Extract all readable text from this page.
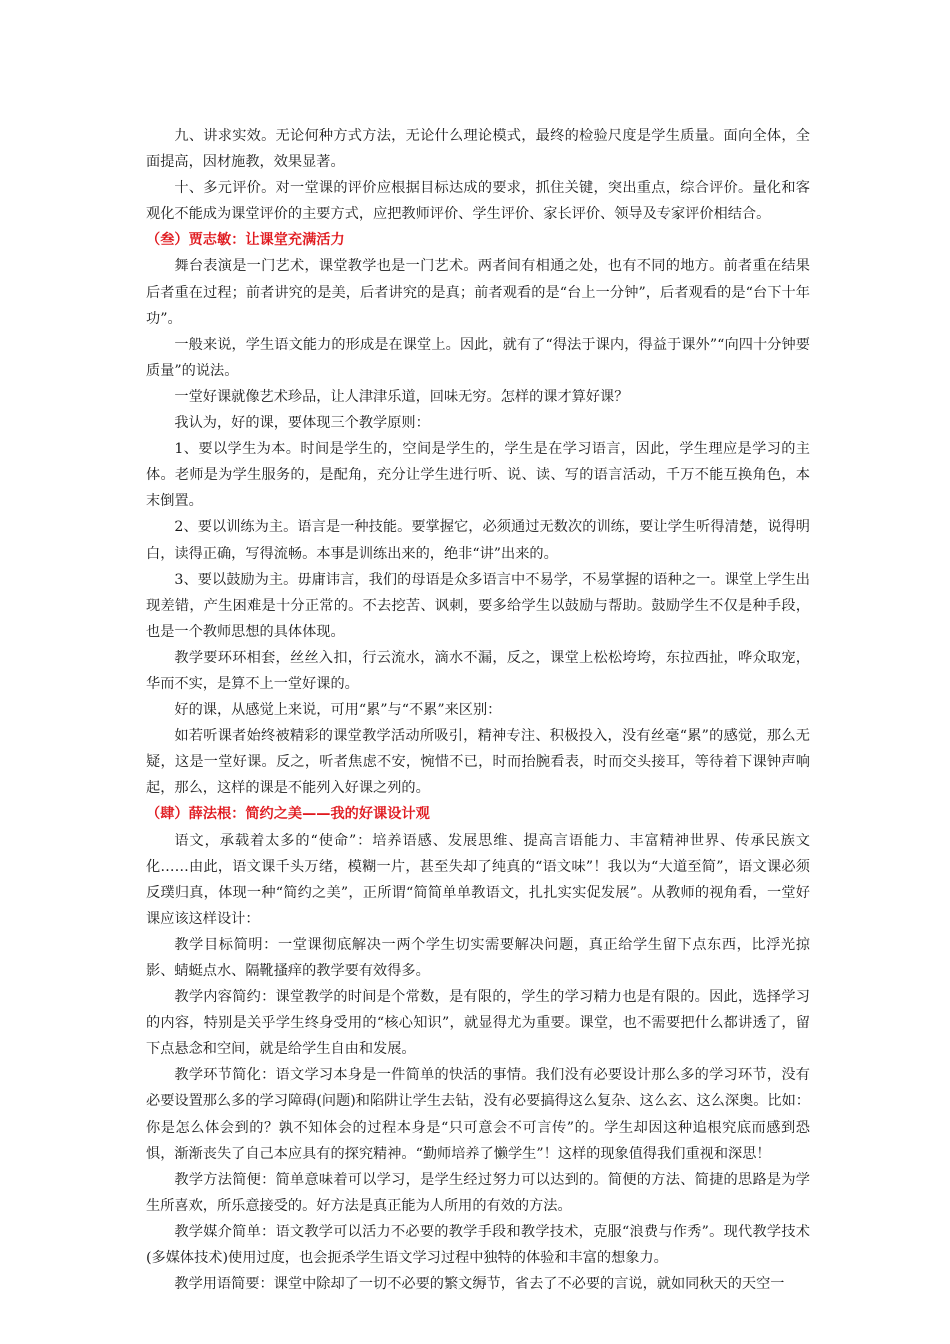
九、讲求实效。无论何种方式方法，无论什么理论模式，最终的检验尺度是学生质量。面向全体，全面提高，因材施教，效果显著。

十、多元评价。对一堂课的评价应根据目标达成的要求，抓住关键，突出重点，综合评价。量化和客观化不能成为课堂评价的主要方式，应把教师评价、学生评价、家长评价、领导及专家评价相结合。

（叁）贾志敏：让课堂充满活力

舞台表演是一门艺术，课堂教学也是一门艺术。两者间有相通之处，也有不同的地方。前者重在结果后者重在过程；前者讲究的是美，后者讲究的是真；前者观看的是“台上一分钟”，后者观看的是“台下十年功”。

一般来说，学生语文能力的形成是在课堂上。因此，就有了“得法于课内，得益于课外”“向四十分钟要质量”的说法。

一堂好课就像艺术珍品，让人津津乐道，回味无穷。怎样的课才算好课？

我认为，好的课，要体现三个教学原则：

1、要以学生为本。时间是学生的，空间是学生的，学生是在学习语言，因此，学生理应是学习的主体。老师是为学生服务的，是配角，充分让学生进行听、说、读、写的语言活动，千万不能互换角色，本末倒置。

2、要以训练为主。语言是一种技能。要掌握它，必须通过无数次的训练，要让学生听得清楚，说得明白，读得正确，写得流畅。本事是训练出来的，绝非“讲”出来的。

3、要以鼓励为主。毋庸讳言，我们的母语是众多语言中不易学，不易掌握的语种之一。课堂上学生出现差错，产生困难是十分正常的。不去挖苦、讽刺，要多给学生以鼓励与帮助。鼓励学生不仅是种手段，也是一个教师思想的具体体现。

教学要环环相套，丝丝入扣，行云流水，滴水不漏，反之，课堂上松松垮垮，东拉西扯，哗众取宠，华而不实，是算不上一堂好课的。

好的课，从感觉上来说，可用“累”与“不累”来区别：

如若听课者始终被精彩的课堂教学活动所吸引，精神专注、积极投入，没有丝毫“累”的感觉，那么无疑，这是一堂好课。反之，听者焦虑不安，惋惜不已，时而抬腕看表，时而交头接耳，等待着下课钟声响起，那么，这样的课是不能列入好课之列的。

（肆）薛法根：简约之美——我的好课设计观

语文，承载着太多的“使命”：培养语感、发展思维、提高言语能力、丰富精神世界、传承民族文化……由此，语文课千头万绪，模糊一片，甚至失却了纯真的“语文味”！我以为“大道至简”，语文课必须反璞归真，体现一种“简约之美”，正所谓“简简单单教语文，扎扎实实促发展”。从教师的视角看，一堂好课应该这样设计：

教学目标简明：一堂课彻底解决一两个学生切实需要解决问题，真正给学生留下点东西，比浮光掠影、蜻蜓点水、隔靴搔痒的教学要有效得多。

教学内容简约：课堂教学的时间是个常数，是有限的，学生的学习精力也是有限的。因此，选择学习的内容，特别是关乎学生终身受用的“核心知识”，就显得尤为重要。课堂，也不需要把什么都讲透了，留下点悬念和空间，就是给学生自由和发展。

教学环节简化：语文学习本身是一件简单的快活的事情。我们没有必要设计那么多的学习环节，没有必要设置那么多的学习障碍(问题)和陷阱让学生去钻，没有必要搞得这么复杂、这么玄、这么深奥。比如：你是怎么体会到的？孰不知体会的过程本身是“只可意会不可言传”的。学生却因这种追根究底而感到恐惧，渐渐丧失了自己本应具有的探究精神。“勤师培养了懒学生”！这样的现象值得我们重视和深思！

教学方法简便：简单意味着可以学习，是学生经过努力可以达到的。简便的方法、简捷的思路是为学生所喜欢，所乐意接受的。好方法是真正能为人所用的有效的方法。

教学媒介简单：语文教学可以活力不必要的教学手段和教学技术，克服“浪费与作秀”。现代教学技术(多媒体技术)使用过度，也会扼杀学生语文学习过程中独特的体验和丰富的想象力。

教学用语简要：课堂中除却了一切不必要的繁文缛节，省去了不必要的言说，就如同秋天的天空一
